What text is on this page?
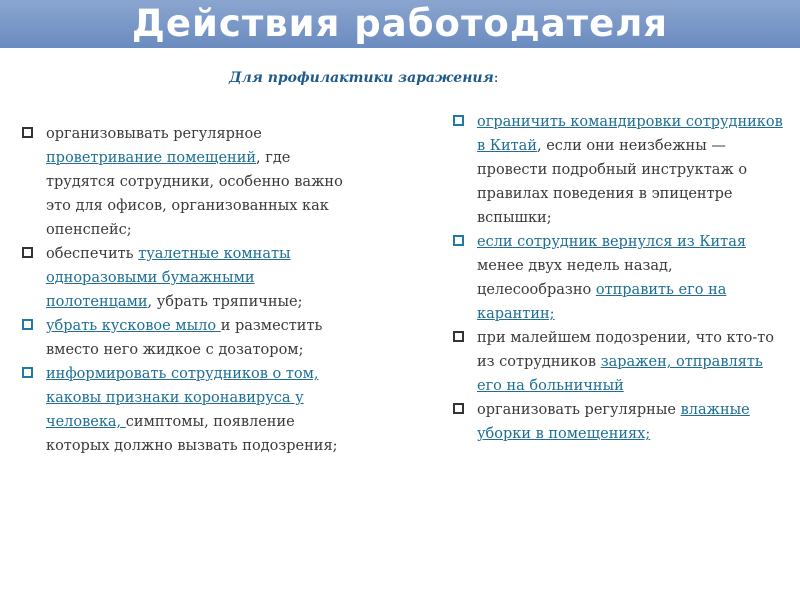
Действия работодателя
Для профилактики заражения:
организовывать регулярное проветривание помещений, где трудятся сотрудники, особенно важно это для офисов, организованных как опенспейс;
обеспечить туалетные комнаты одноразовыми бумажными полотенцами, убрать тряпичные;
убрать кусковое мыло и разместить вместо него жидкое с дозатором;
информировать сотрудников о том, каковы признаки коронавируса у человека, симптомы, появление которых должно вызвать подозрения;
ограничить командировки сотрудников в Китай, если они неизбежны — провести подробный инструктаж о правилах поведения в эпицентре вспышки;
если сотрудник вернулся из Китая менее двух недель назад, целесообразно отправить его на карантин;
при малейшем подозрении, что кто-то из сотрудников заражен, отправлять его на больничный
организовать регулярные влажные уборки в помещениях;
